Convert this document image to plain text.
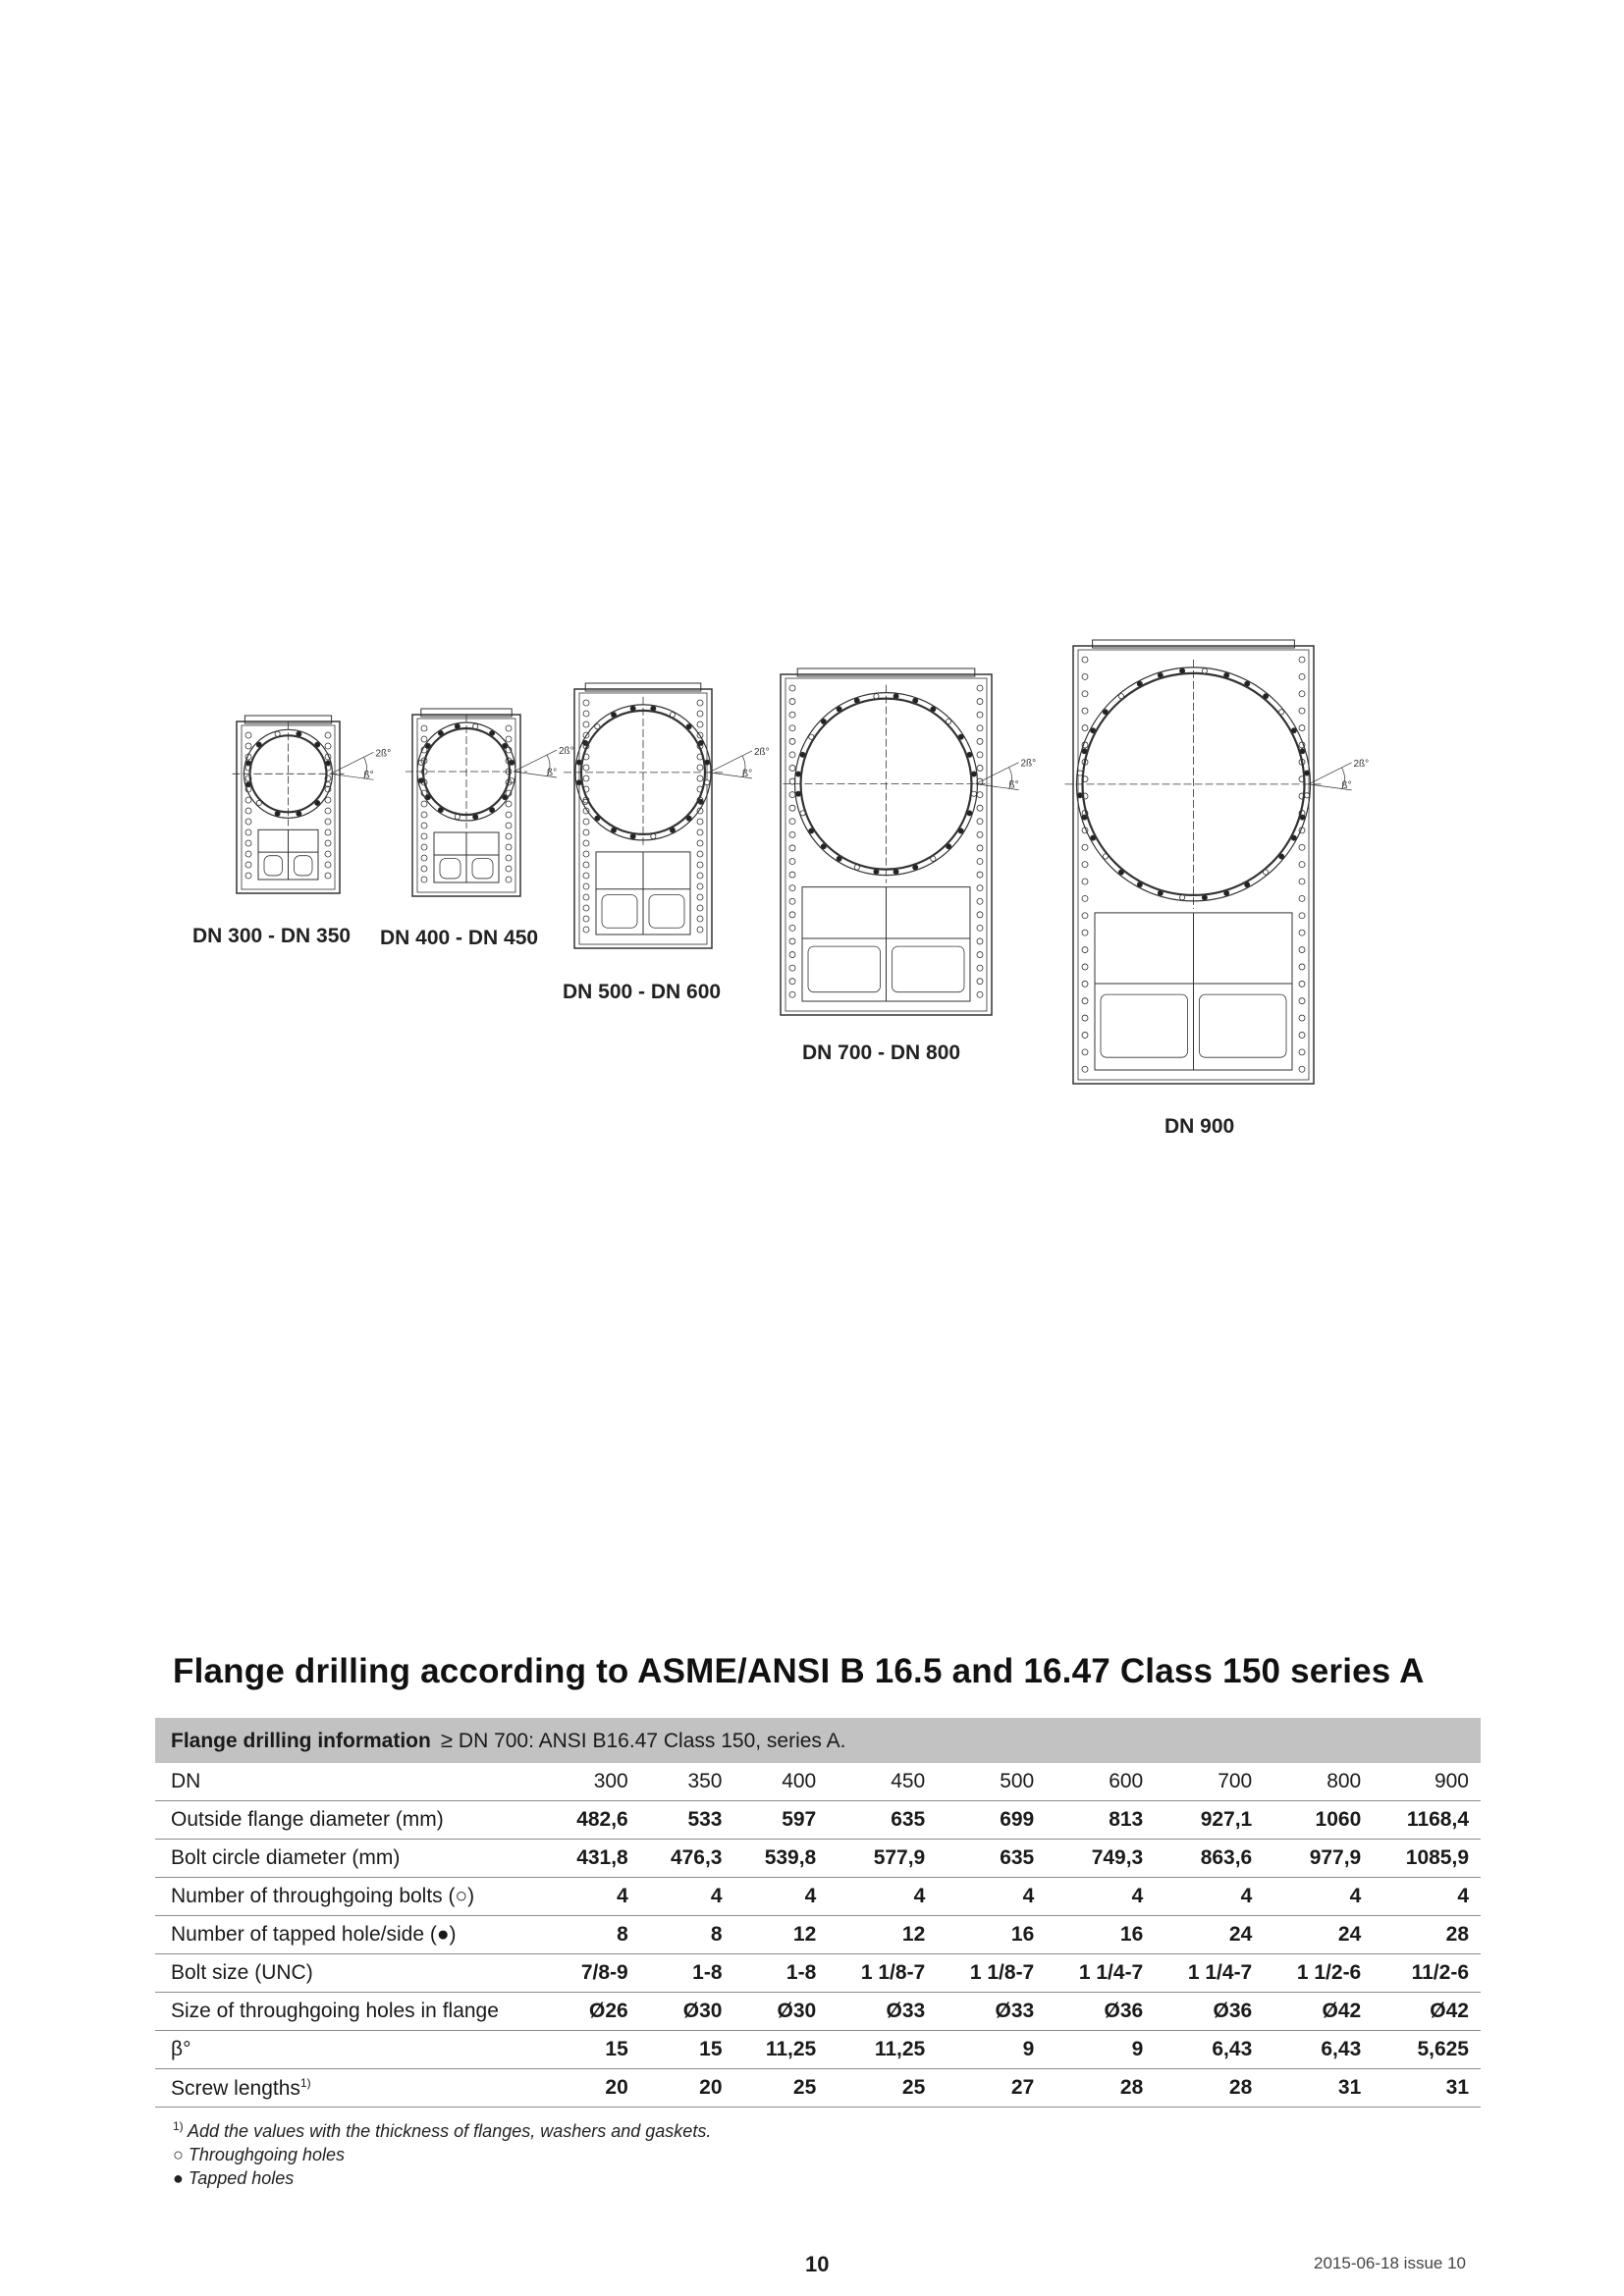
2ß°
ß°
2ß°
ß°
2ß°
ß°
2ß°
ß°
2ß°
ß°
DN 300 - DN 350 DN 400 - DN 450
DN 500 - DN 600
DN 700 - DN 800
DN 900
Flange drilling according to ASME/ANSI B 16.5 and 16.47 Class 150 series A
Flange drilling information ≥ DN 700: ANSI B16.47 Class 150, series A.									
DN	300	350	400	450	500	600	700	800	900
Outside flange diameter (mm)	482,6	533	597	635	699	813	927,1	1060	1168,4
Bolt circle diameter (mm)	431,8	476,3	539,8	577,9	635	749,3	863,6	977,9	1085,9
Number of throughgoing bolts (○)	4	4	4	4	4	4	4	4	4
Number of tapped hole/side (●)	8	8	12	12	16	16	24	24	28
Bolt size (UNC)	7/8-9	1-8	1-8	1 1/8-7	1 1/8-7	1 1/4-7	1 1/4-7	1 1/2-6	11/2-6
Size of throughgoing holes in flange	Ø26	Ø30	Ø30	Ø33	Ø33	Ø36	Ø36	Ø42	Ø42
β°	15	15	11,25	11,25	9	9	6,43	6,43	5,625
Screw lengths$^{1)}$	20	20	25	25	27	28	28	31	31
$^{1)}$ Add the values with the thickness of flanges, washers and gaskets.
○ Throughgoing holes
● Tapped holes
10	2015-06-18 issue 10
